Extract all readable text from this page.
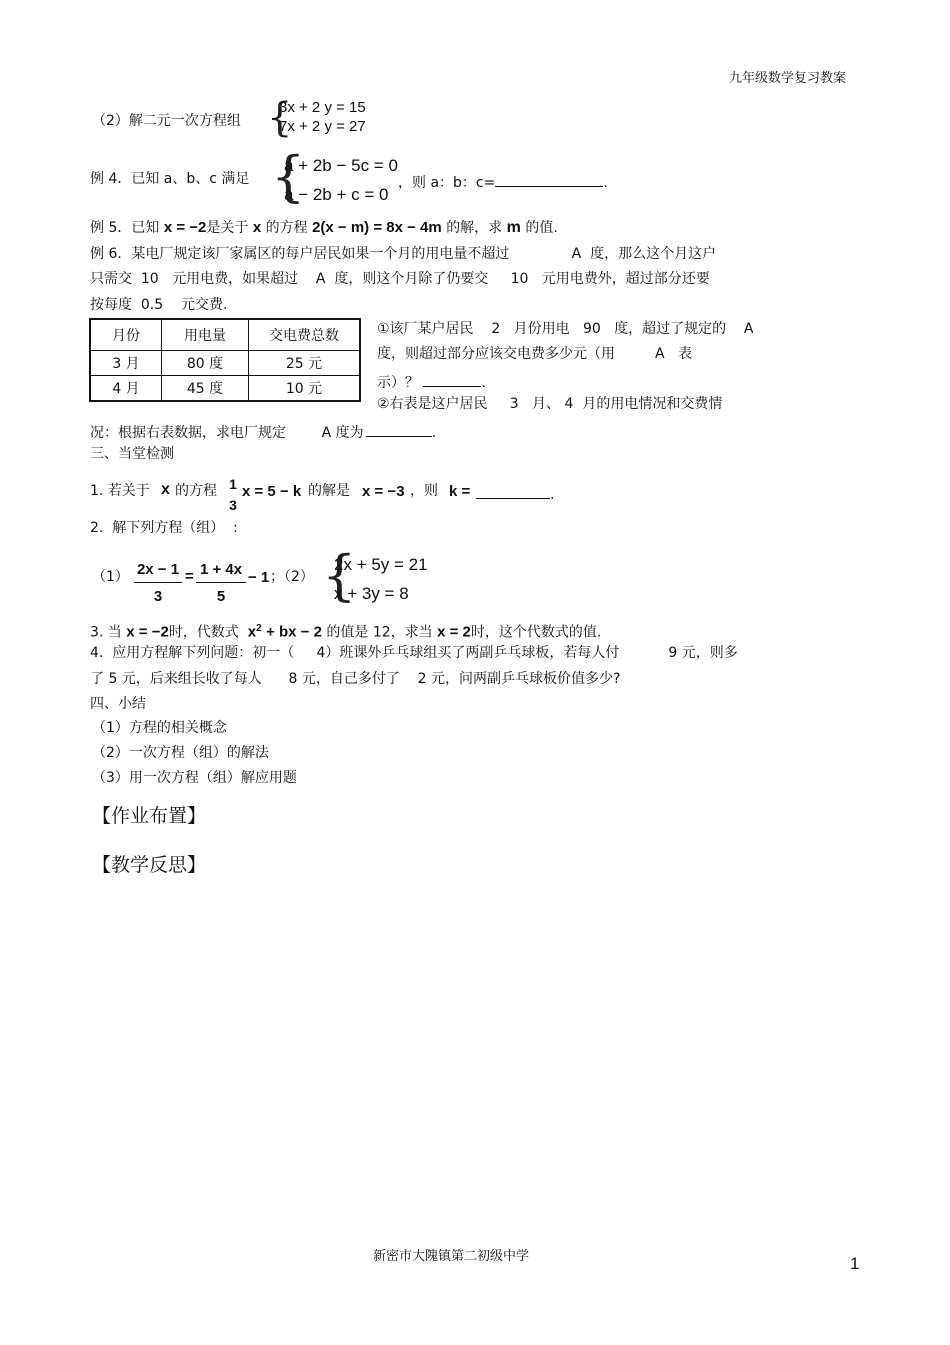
九年级数学复习教案
（2）解二元一次方程组 {
3x + 2 y = 15
7x + 2 y = 27
例 4．已知 a、b、c 满足 {
a + 2b − 5c = 0
a − 2b + c = 0
，则 a：b：c=	.
例 5．已知 x = −2是关于 x 的方程 2(x − m) = 8x − 4m 的解，求 m 的值.
例 6．某电厂规定该厂家属区的每户居民如果一个月的用电量不超过              A  度，那么这个月这户
只需交  10   元用电费，如果超过    A  度，则这个月除了仍要交     10   元用电费外，超过部分还要
按每度  0.5    元交费.
月份	用电量	交电费总数
3 月	80 度	25 元
4 月	45 度	10 元
①该厂某户居民    2   月份用电   90   度，超过了规定的    A
度，则超过部分应该交电费多少元（用         A   表
示）？	.
②右表是这户居民     3   月、 4  月的用电情况和交费情
况：根据右表数据，求电厂规定        A 度为	.
三、当堂检测
1. 若关于 x 的方程 1
3
x = 5 − k 的解是 x = −3 ，则 k =	.
2.  解下列方程（组）  :
（1） 2x − 1
3
= 1 + 4x
5
− 1 ；（2） {
2x + 5y = 21
x + 3y = 8
3. 当 x = −2时，代数式 $x^2$ + bx − 2 的值是 12，求当 x = 2时，这个代数式的值.
4.  应用方程解下列问题：初一（     4）班课外乒乓球组买了两副乒乓球板，若每人付           9 元，则多
了 5 元，后来组长收了每人      8 元，自己多付了    2 元，问两副乒乓球板价值多少?
四、小结
（1）方程的相关概念
（2）一次方程（组）的解法
（3）用一次方程（组）解应用题
【作业布置】
【教学反思】
新密市大隗镇第二初级中学	1
